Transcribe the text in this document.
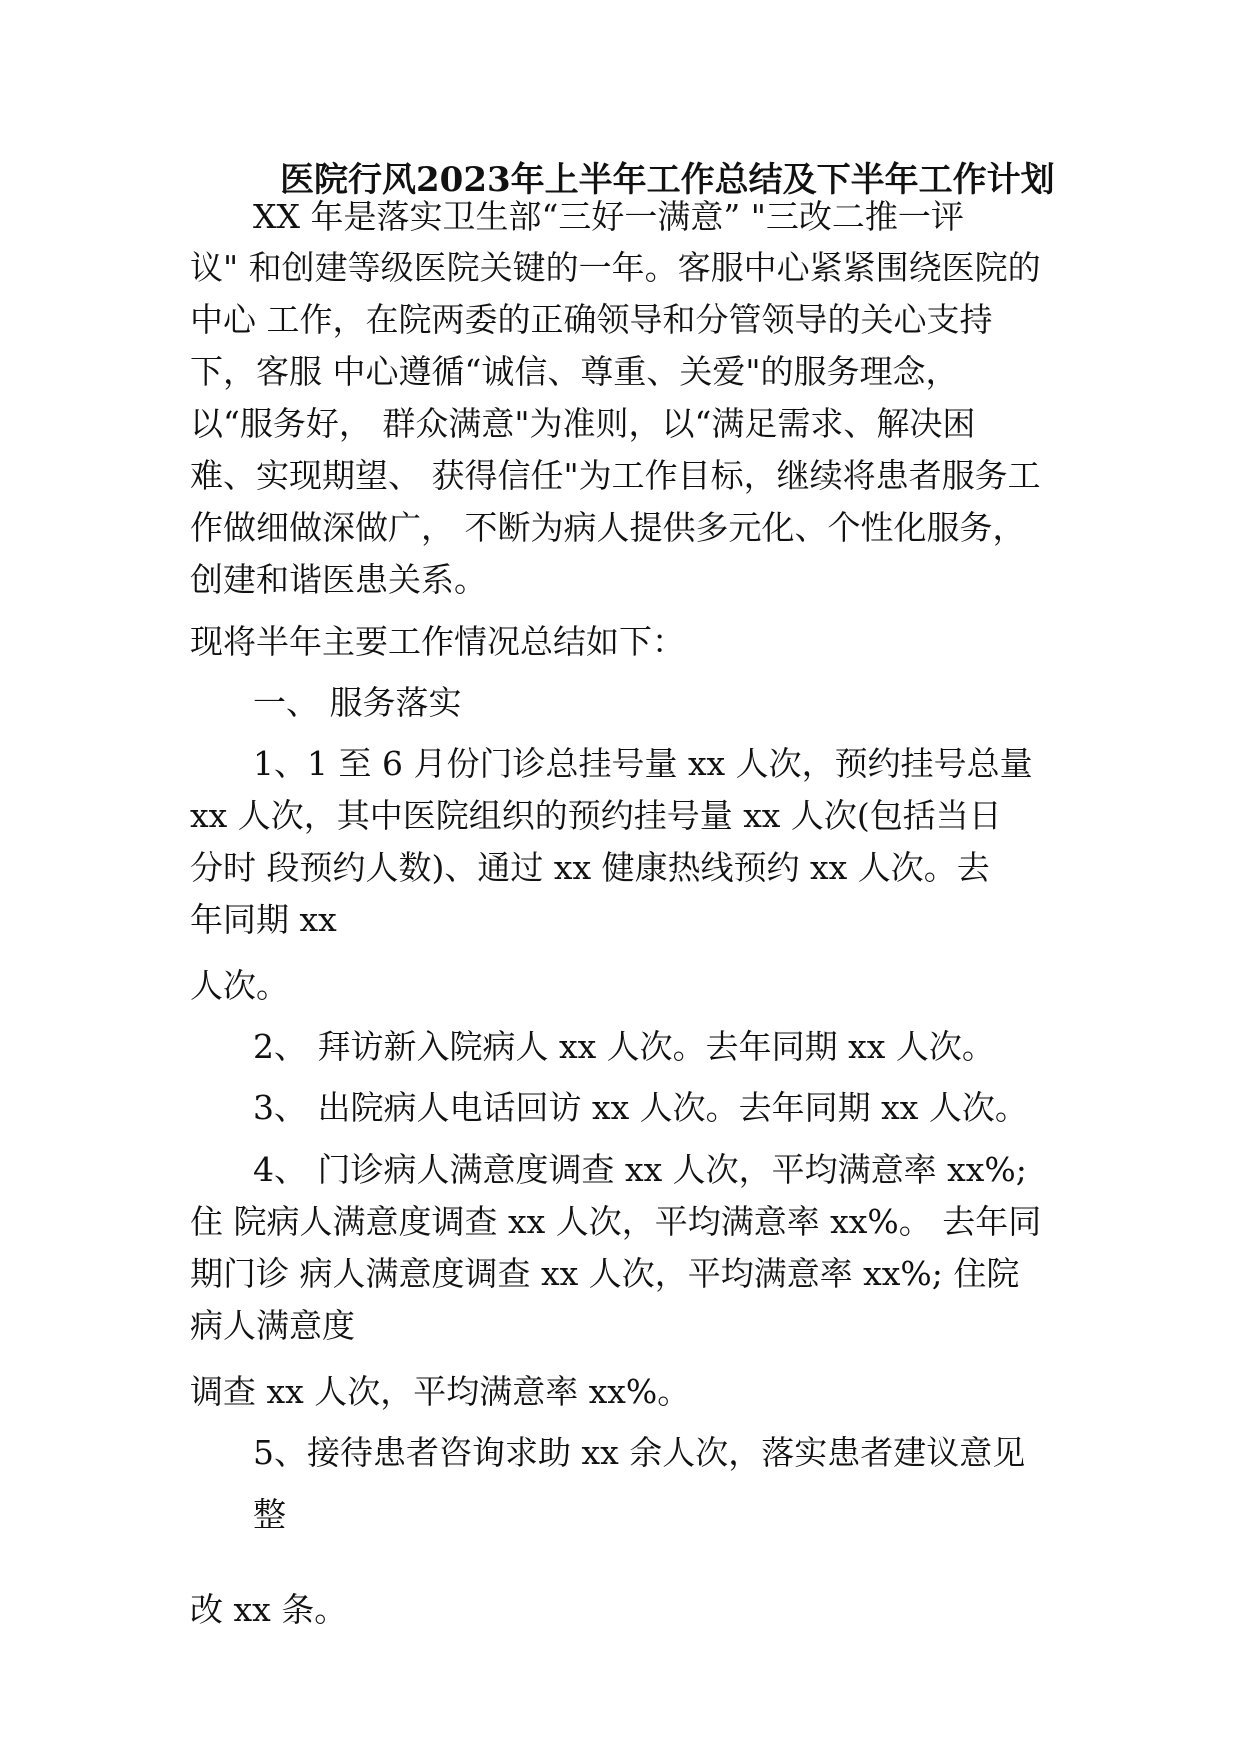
医院行风2023年上半年工作总结及下半年工作计划
XX 年是落实卫生部“三好一满意” "三改二推一评
议" 和创建等级医院关键的一年。客服中心紧紧围绕医院的
中心 工作，在院两委的正确领导和分管领导的关心支持
下，客服 中心遵循“诚信、尊重、关爱"的服务理念，
以“服务好， 群众满意"为准则，以“满足需求、解决困
难、实现期望、 获得信任"为工作目标，继续将患者服务工
作做细做深做广， 不断为病人提供多元化、个性化服务，
创建和谐医患关系。
现将半年主要工作情况总结如下：
一、 服务落实
1、1 至 6 月份门诊总挂号量 xx 人次，预约挂号总量
xx 人次，其中医院组织的预约挂号量 xx 人次(包括当日
分时 段预约人数)、通过 xx 健康热线预约 xx 人次。去
年同期 xx
人次。
2、 拜访新入院病人 xx 人次。去年同期 xx 人次。
3、 出院病人电话回访 xx 人次。去年同期 xx 人次。
4、 门诊病人满意度调查 xx 人次，平均满意率 xx%;
住 院病人满意度调查 xx 人次，平均满意率 xx%。 去年同
期门诊 病人满意度调查 xx 人次，平均满意率 xx%; 住院
病人满意度
调查 xx 人次，平均满意率 xx%。
5、接待患者咨询求助 xx 余人次，落实患者建议意见
整
改 xx 条。
